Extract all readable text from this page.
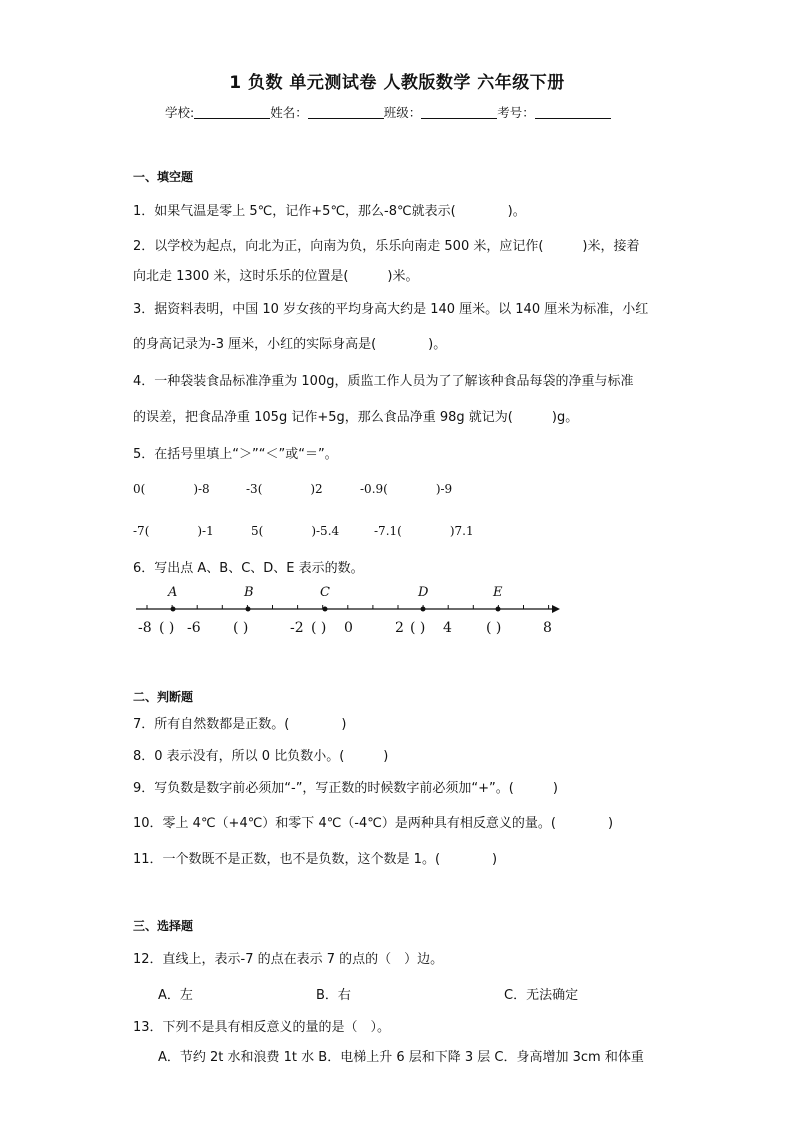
1 负数 单元测试卷 人教版数学 六年级下册
学校:	姓名：	班级：	考号：
一、填空题
1．如果气温是零上 5℃，记作+5℃，那么-8℃就表示(　　　　)。
2．以学校为起点，向北为正，向南为负，乐乐向南走 500 米，应记作(　　　)米，接着
向北走 1300 米，这时乐乐的位置是(　　　)米。
3．据资料表明，中国 10 岁女孩的平均身高大约是 140 厘米。以 140 厘米为标准，小红
的身高记录为-3 厘米，小红的实际身高是(　　　　)。
4．一种袋装食品标准净重为 100g，质监工作人员为了了解该种食品每袋的净重与标准
的误差，把食品净重 105g 记作+5g，那么食品净重 98g 就记为(　　　)g。
5．在括号里填上“＞”“＜”或“＝”。
0(　　　　)-8	-3(　　　　)2	-0.9(　　　　)-9
-7(　　　　)-1	5(　　　　)-5.4	-7.1(　　　　)7.1
6．写出点 A、B、C、D、E 表示的数。
A	B	C	D	E
-8 ( ) -6 ( )	-2 ( ) 0	2 ( ) 4 ( )	8
二、判断题
7．所有自然数都是正数。(　　　　)
8．0 表示没有，所以 0 比负数小。(　　　)
9．写负数是数字前必须加“-”，写正数的时候数字前必须加“+”。(　　　)
10．零上 4℃（+4℃）和零下 4℃（-4℃）是两种具有相反意义的量。(　　　　)
11．一个数既不是正数，也不是负数，这个数是 1。(　　　　)
三、选择题
12．直线上，表示-7 的点在表示 7 的点的（　）边。
A．左	B．右	C．无法确定
13．下列不是具有相反意义的量的是（　）。
A．节约 2t 水和浪费 1t 水 B．电梯上升 6 层和下降 3 层 C．身高增加 3cm 和体重
